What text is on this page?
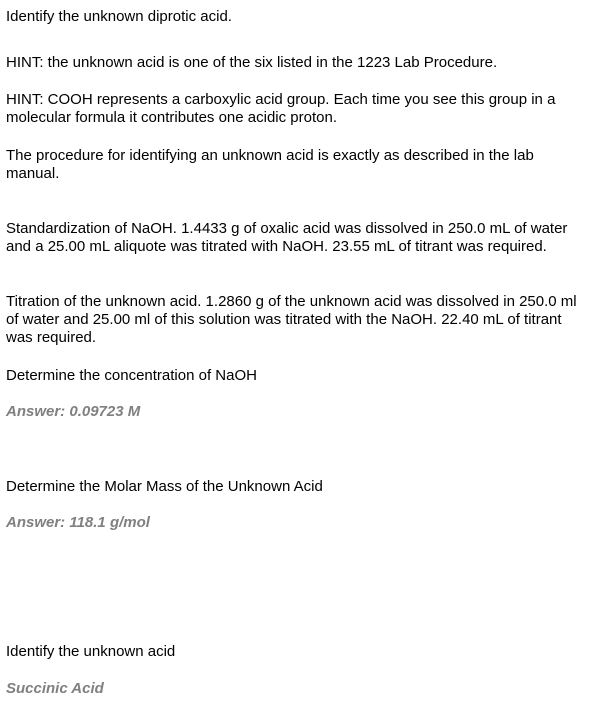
Identify the unknown diprotic acid.

HINT: the unknown acid is one of the six listed in the 1223 Lab Procedure.

HINT: COOH represents a carboxylic acid group. Each time you see this group in a molecular formula it contributes one acidic proton.

The procedure for identifying an unknown acid is exactly as described in the lab manual.

Standardization of NaOH. 1.4433 g of oxalic acid was dissolved in 250.0 mL of water and a 25.00 mL aliquote was titrated with NaOH. 23.55 mL of titrant was required.

Titration of the unknown acid. 1.2860 g of the unknown acid was dissolved in 250.0 ml of water and 25.00 ml of this solution was titrated with the NaOH. 22.40 mL of titrant was required.

Determine the concentration of NaOH

Answer: 0.09723 M

Determine the Molar Mass of the Unknown Acid

Answer: 118.1 g/mol

Identify the unknown acid

Succinic Acid
